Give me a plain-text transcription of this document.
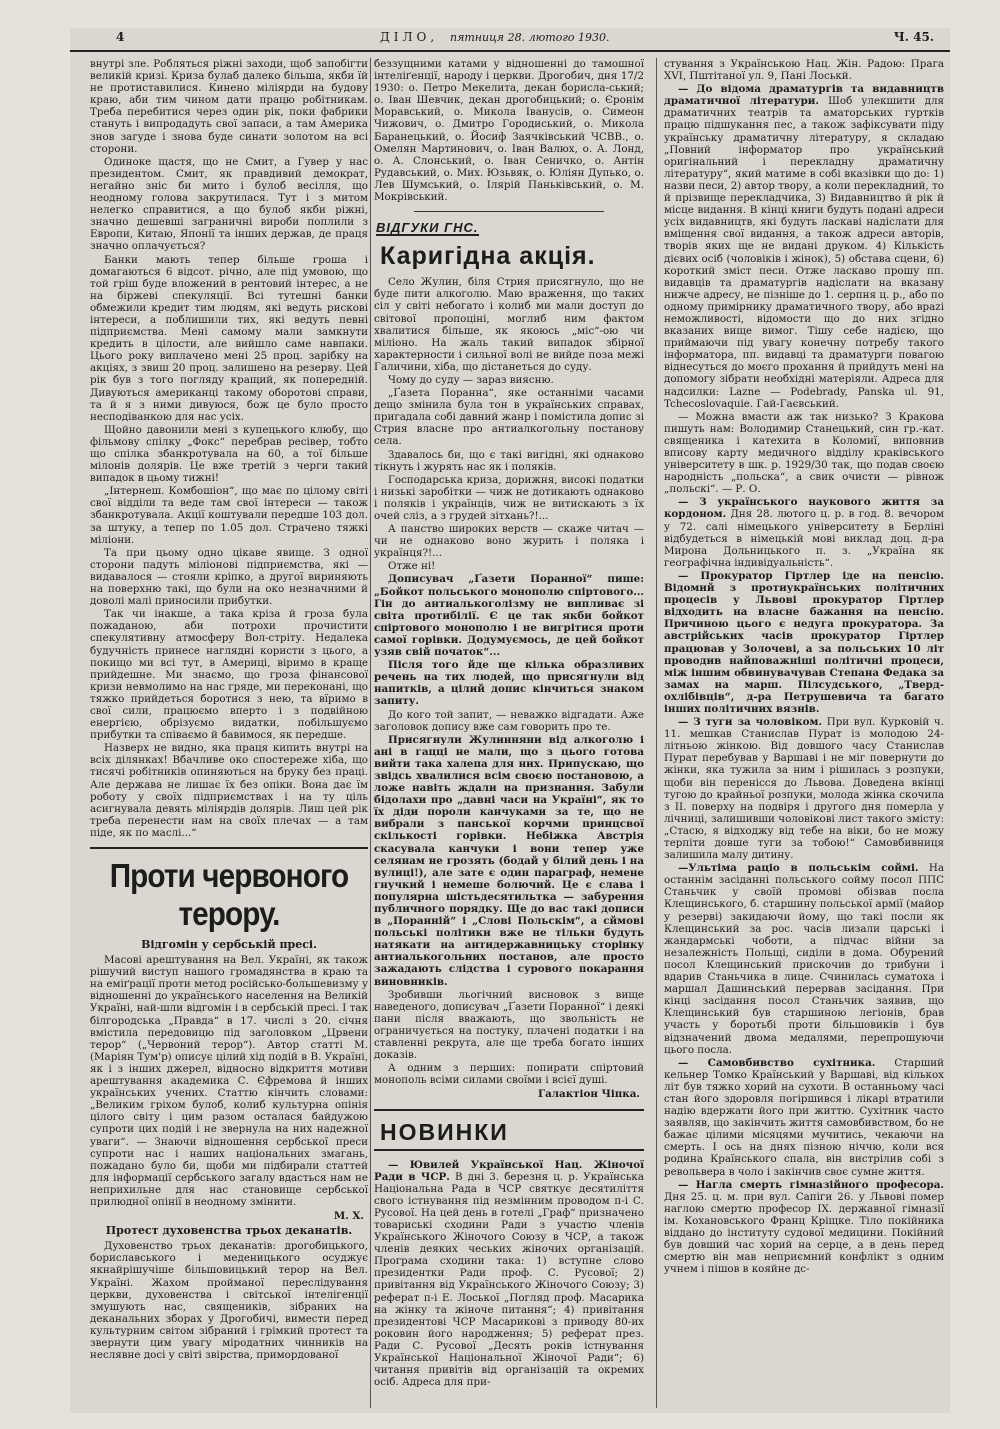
4	ДІЛО, пятниця 28. лютого 1930.	Ч. 45.

внутрі зле. Робляться ріжні заходи, щоб запобігти великій кризі. Криза булаб далеко більша, якби їй не протиставилися. Кинено міліярди на будову краю, аби тим чином дати працю робітникам. Треба перебитися через один рік, поки фабрики стануть і випродадуть свої запаси, а там Америка знов загуде і знова буде синати золотом на всі сторони.

Одиноке щастя, що не Смит, а Гувер у нас президентом. Смит, як правдивий демократ, негайно зніс би мито і булоб весілля, що неодному голова закрутилася. Тут і з митом нелегко справитися, а що булоб якби ріжні, значно дешевші заграничні вироби поплили з Европи, Китаю, Японії та інших держав, де праця значно оплачується?

Банки мають тепер більше гроша і домагаються 6 відсот. річно, але під умовою, що той гріш буде вложений в рентовий інтерес, а не на біржеві спекуляції. Всі тутешні банки обмежили кредит тим людям, які ведуть рискові інтереси, а поблишили тих, які ведуть певні підприємства. Мені самому мали замкнути кредить в цілости, але вийшло саме навпаки. Цього року виплачено мені 25 проц. зарібку на акціях, з звиш 20 проц. залишено на резерву. Цей рік був з того погляду кращий, як попередній. Дивуються американці такому оборотові справи, та й я з ними дивуюся, бож це було просто несподіванкою для нас усіх.

Щойно давонили мені з купецького клюбу, що фільмову спілку „Фокс“ перебрав ресівер, тобто що спілка збанкротувала на 60, а тої більше мілонів долярів. Це вже третій з черги такий випадок в цьому тижні!

„Інтернеш. Комбошіон“, що має по цілому світі свої відділи та веде там свої інтереси — також збанкротувала. Акції коштували передше 103 дол. за штуку, а тепер по 1.05 дол. Страчено тяжкі міліони.

Та при цьому одно цікаве явище. З одної сторони падуть міліонові підприємства, які — видавалося — стояли кріпко, а другої вириняють на поверхню такі, що були на око незначними й доволі малі приносили прибутки.

Так чи інакше, а така кріза й гроза була пожаданою, аби потрохи прочистити спекулятивну атмосферу Вол-стріту. Недалека будучність принесе наглядні користи з цього, а покищо ми всі тут, в Америці, віримо в краще прийдешне. Ми знаємо, що гроза фінансової кризи невмолимо на нас гряде, ми переконані, що тяжко прийдеться боротися з нею, та вїримо в свої сили, працюємо вперто і з подвійною енергією, обрізуємо видатки, побільшуємо прибутки та співаємо й бавимося, як передше.

Назверх не видно, яка праця кипить внутрі на всіх ділянках! Вбачливе око спостереже хіба, що тисячі робітників опиняються на бруку без праці. Але держава не лишає їх без опіки. Вона дає їм роботу у своїх підприємствах і на ту ціль асигнувала девять міліярдів долярів. Лиш цей рік треба перенести нам на своїх плечах — а там піде, як по маслі...“

Проти червоного терору.
Відгомін у сербській пресі.

Масові арештування на Вел. Україні, як також рішучий виступ нашого громадянства в краю та на еміґрації проти метод російсько-большевизму у відношенні до українського населення на Великій Україні, най-шли відгомін і в сербській пресі. І так білгородська „Правда“ в 17. числі з 20. січня вмістила передовицю під заголовком „Црвени терор“ („Червоний терор“). Автор статті М. (Маріян Тум'р) описує цілий хід подій в В. Україні, як і з інших джерел, відносно відкриття мотиви арештування академика С. Єфремова й інших українських учених. Статтю кінчить словами: „Великим гріхом булоб, колиб культурна опінія цілого світу і цим разом осталася байдужою супроти цих подій і не звернула на них надежної уваги“. — Знаючи відношення сербської преси супроти нас і наших національних змагань, пожадано було би, щоби ми підбирали статтей для інформації сербського загалу вдасться нам не неприхильне для нас становище сербської прилюдної опінії в неодному змінити.

М. Х.
Протест духовенства трьох деканатів.

Духовенство трьох деканатів: дрогобицького, бориславського і меденицького осуджує якнайрішучіше більшовицький терор на Вел. Україні. Жахом пройманої переслідування церкви, духовенства і світської інтелігенції змушують нас, священиків, зібраних на деканальних зборах у Дрогобичі, вимести перед культурним світом зібраний і грімкий протест та звернути цим увагу міродатних чинників на неслявне досі у світі звірства, примордованої

беззущними катами у відношенні до тамошної інтеліґенції, народу і церкви. Дрогобич, дня 17/2 1930: о. Петро Мекелита, декан борисла-ський; о. Іван Шевчик, декан дрогобицький; о. Єронім Моравський, о. Микола Іванусів, о. Симеон Чижович, о. Дмитро Городиський, о. Микола Баранецький, о. Йосиф Заячківський ЧСВВ., о. Омелян Мартинович, о. Іван Валюх, о. А. Лонд, о. А. Слонський, о. Іван Сеничко, о. Антін Рудавський, о. Мих. Юзьвяк, о. Юліян Дупько, о. Лев Шумський, о. Ілярій Паньківський, о. М. Мокрівський.

ВІДГУКИ ГНС.
Каригідна акція.

Село Жулин, біля Стрия присягнуло, що не буде пити алкоголю. Маю враження, що таких сіл у світі небогато і колиб ми мали доступ до світової пропоціні, моглиб ним фактом хвалитися більше, як якоюсь „міс“-ою чи міліоно. На жаль такий випадок збірної характерности і сильної волі не вийде поза межі Галичини, хіба, що дістанеться до суду.

Чому до суду — зараз виясню.

„Ґазета Поранна“, яке останніми часами дещо змінила була тон в українських справах, пригадала собі давний жанр і помістила допис зі Стрия власне про антиалкогольну постанову села.

Здавалось би, що є такі вигідні, які однаково тікнуть і журять нас як і поляків.

Господарська криза, дорижня, високі податки і низькі заробітки — чиж не дотикають однаково і поляків і українців, чиж не витискають з їх очей сліз, а з грудей зітхань?!...

А панство широких верств — скаже читач — чи не однаково воно журить і поляка і українця?!...

Отже ні!

Дописувач „Ґазети Поранної“ пише: „Бойкот польського монополю спіртового... Гін до антиалькоголізму не випливає зі світа протибілії. Є це так якби бойкот спіртового монополю і не вигрітися проти самої горівки. Додумуємось, де цей бойкот узяв свій початок“...

Після того йде ще кілька образливих речень на тих людей, що присягнули від напитків, а цілий допис кінчиться знаком запиту.

До кого той запит, — неважко відгадати. Аже заголовок допису вже сам говорить про те.

Присягнули Жулинняни від алкоголю і ані в гацці не мали, що з цього готова вийти така халепа для них. Припускаю, що звідсь хвалилися всім своєю постановою, а ложе навіть ждали на признання. Забули бідолахи про „давні часи на Україні“, як то їх діди пороли канчуками за те, що не вибрали з панської корчми принцсвої скількості горівки. Небіжка Австрія скасувала канчуки і вони тепер уже селянам не грозять (бодай у білий день і на вулиці!), але зате є один параграф, немене гнучкий і немеше болючий. Це є слава і популярна шістьдесятильтка — забурення публичного порядку. Ще до вас такі дописи в „Поранній“ і „Слові Польскім“, а сймові польські політики вже не тільки будуть натякати на антидержавницьку сторінку антиалькогольних постанов, але просто зажадають слідства і сурового покарання виновників.

Зробивши льогічний висновок з вище наведеного, дописувач „Ґазети Поранної“ і деякі пани після вважають, що звольність не ограничується на постуку, плачені податки і на ставленні рекрута, але ще треба богато інших доказів.

А одним з перших: попирати спіртовий монополь всіми силами своїми і всієї душі.

Галактіон Чіпка.
НОВИНКИ

— Ювилей Української Нац. Жіночої Ради в ЧСР. В дні 3. березня ц. р. Українська Національна Рада в ЧСР святкує десятиліття свого істнування під незмінним проводом п-і С. Русової. На цей день в готелі „Граф“ призначено товариські сходини Ради з участю членів Українського Жіночого Союзу в ЧСР, а також членів деяких чеських жіночих організацій. Програма сходини така: 1) вступне слово президентки Ради проф. С. Русової; 2) привітання від Українського Жіночого Союзу; 3) реферат п-і Е. Лоської „Погляд проф. Масарика на жінку та жіноче питання“; 4) привітання президентові ЧСР Масарикові з приводу 80-их роковин його народження; 5) реферат през. Ради С. Русової „Десять років істнування Української Національної Жіночої Ради“; 6) читання привітів від організацій та окремих осіб. Адреса для при-

стування з Українською Нац. Жін. Радою: Прага XVI, Пштітаної ул. 9, Пані Лоськй.

— До відома драматургів та видавництв драматичної літератури. Шоб улекшити для драматичних театрів та аматорських гуртків працю підшукання пес, а також зафіксувати піду українську драматичну літературу, я складаю „Повний інформатор про український оригінальний і перекладну драматичну літературу“, який матиме в собі вказівки що до: 1) назви песи, 2) автор твору, а коли перекладний, то й прізвище перекладчика, 3) Видавництво й рік й місце видання. В кінці книги будуть подані адреси усіх видавництв, які будуть ласкаві надіслати для вміщення свої видання, а також адреси авторів, творів яких ще не видані друком. 4) Кількість дієвих осіб (чоловіків і жінок), 5) обстава сцени, 6) короткий зміст песи. Отже ласкаво прошу пп. видавців та драматургів надіслати на вказану нижче адресу, не пізніше до 1. серпня ц. р., або по одному примірнику драматичного твору, або врazі неможливості, відомости що до них згідно вказаних вище вимог. Тішу себе надією, що приймаючи під увагу конечну потребу такого інформатора, пп. видавці та драматурги повагою віднесуться до моєго прохання й прийдуть мені на допомогу зібрати необхідні матеріяли. Адреса для надсилки: Lazne — Podebrady, Panska ul. 91, Tchecoslovaquie. Гай-Гаєвський.

— Можна вмасти аж так низько? З Кракова пишуть нам: Володимир Станецький, син гр.-кат. священика і катехита в Коломиї, виповнив вписову карту медичного відділу краківського університету в шк. р. 1929/30 так, що подав своєю народність „польска“, а свик очиcти — рівнож „польскі“. — Р. О.

— З українського наукового життя за кордоном. Дня 28. лютого ц. р. в год. 8. вечором у 72. салі німецького університету в Берліні відбудеться в німецькій мові виклад доц. д-ра Мирона Дольницького п. з. „Україна як географічна індивідуальність“.

— Прокуратор Гіртлер іде на пенсію. Відомий з протиукраїнських політичних процесів у Львові прокуратор Гіртлер відходить на власне бажання на пенсію. Причиною цього є недуга прокуратора. За австрійських часів прокуратор Гіртлер працював у Золочеві, а за польських 10 літ проводив найповажніші політичні процеси, між іншим обвинувачував Степана Федака за замах на марш. Пілсудського, „Тверд-охлібівців“, д-ра Петрушевича та багато інших політичних вязнів.

— З туги за чоловіком. При вул. Курковій ч. 11. мешкав Станислав Пурат із молодою 24-літньою жінкою. Від довшого часу Станислав Пурат перебував у Варшаві і не міг повернути до жінки, яка тужила за ним і рішилась з розпуки, щоби він перенісся до Львова. Доведена вкінці тугою до крайньої розпуки, молода жінка скочила з II. поверху на подвіря і другого дня померла у лічниці, залишивши чоловікові лист такого змісту: „Стасю, я відходжу від тебе на віки, бо не можу терпіти довше туги за тобою!“ Самовбивниця залишила малу дитину.

—Ультіма раціо в польськім соймі. На останнім засіданні польського сойму посол ППС Станьчик у своїй промові обізвав посла Клещинського, б. старшину польської армії (майор у резерві) закидаючи йому, що такі посли як Клещинський за рос. часів лизали царські і жандармські чоботи, а підчас війни за незалежність Польщі, сиділи в дома. Обурений посол Клещинський прискочив до трибуни і вдарив Станьчика в лице. Счинилась суматоха і маршал Дашинський перервав засідання. При кінці засідання посол Станьчик заявив, що Клещинський був старшиною легіонів, брав участь у боротьбі проти більшовиків і був відзначений двома медалями, перепрошуючи цього посла.

— Самовбивство сухітника. Старший кельнер Томко Країнський у Варшаві, від кількох літ був тяжко хорий на сухоти. В останньому часі стан його здоровля погіршився і лікарі втратили надію вдержати його при життю. Сухітник часто заявляв, що закінчить життя самовбивством, бо не бажає цілими місяцями мучитись, чекаючи на смерть. І ось на днях пізною ніччю, коли вся родина Країнського спала, він вистрілив собі з револьвера в чоло і закінчив своє сумне життя.

— Нагла смерть гімназійного професора. Дня 25. ц. м. при вул. Сапіги 26. у Львові помер наглою смертю професор IX. державної гімназії ім. Кохановського Франц Кріщке. Тіло покійника віддано до інституту судової медицини. Покійний був довший час хорий на серце, а в день перед смертю він мав неприємний конфлікт з одним учнем і пішов в кояйне дс-
